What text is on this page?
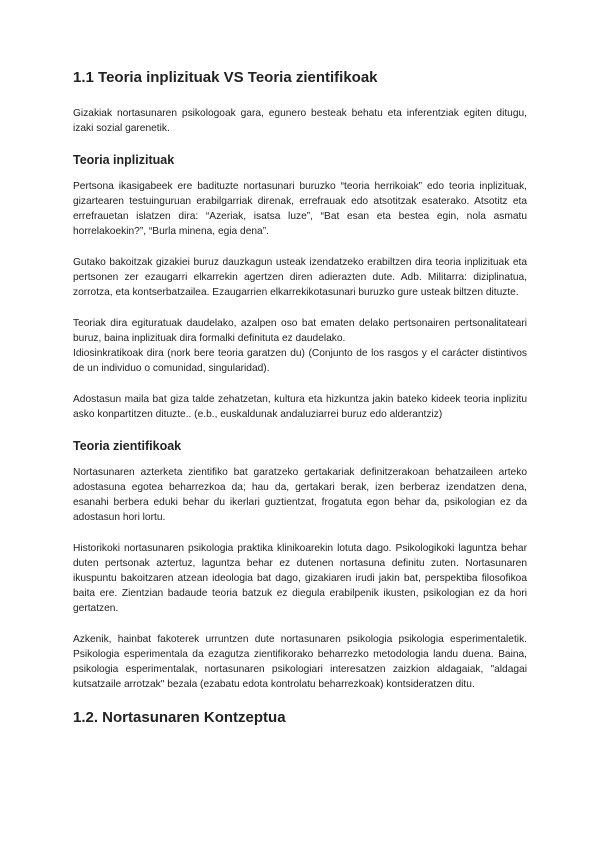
1.1 Teoria inplizituak VS Teoria zientifikoak
Gizakiak nortasunaren psikologoak gara, egunero besteak behatu eta inferentziak egiten ditugu, izaki sozial garenetik.
Teoria inplizituak
Pertsona ikasigabeek ere badituzte nortasunari buruzko “teoria herrikoiak” edo teoria inplizituak, gizartearen testuinguruan erabilgarriak direnak, errefrauak edo atsotitzak esaterako. Atsotitz eta errefrauetan islatzen dira: “Azeriak, isatsa luze”, “Bat esan eta bestea egin, nola asmatu horrelakoekin?”, “Burla minena, egia dena”.
Gutako bakoitzak gizakiei buruz dauzkagun usteak izendatzeko erabiltzen dira teoria inplizituak eta pertsonen zer ezaugarri elkarrekin agertzen diren adierazten dute. Adb. Militarra: diziplinatua, zorrotza, eta kontserbatzailea. Ezaugarrien elkarrekikotasunari buruzko gure usteak biltzen dituzte.
Teoriak dira egituratuak daudelako, azalpen oso bat ematen delako pertsonairen pertsonalitateari buruz, baina inplizituak dira formalki definituta ez daudelako.
Idiosinkratikoak dira (nork bere teoria garatzen du) (Conjunto de los rasgos y el carácter distintivos de un individuo o comunidad, singularidad).
Adostasun maila bat giza talde zehatzetan, kultura eta hizkuntza jakin bateko kideek teoria inplizitu asko konpartitzen dituzte.. (e.b., euskaldunak andaluziarrei buruz edo alderantziz)
Teoria zientifikoak
Nortasunaren azterketa zientifiko bat garatzeko gertakariak definitzerakoan behatzaileen arteko adostasuna egotea beharrezkoa da; hau da, gertakari berak, izen berberaz izendatzen dena, esanahi berbera eduki behar du ikerlari guztientzat, frogatuta egon behar da, psikologian ez da adostasun hori lortu.
Historikoki nortasunaren psikologia praktika klinikoarekin lotuta dago. Psikologikoki laguntza behar duten pertsonak aztertuz, laguntza behar ez dutenen nortasuna definitu zuten. Nortasunaren ikuspuntu bakoitzaren atzean ideologia bat dago, gizakiaren irudi jakin bat, perspektiba filosofikoa baita ere. Zientzian badaude teoria batzuk ez diegula erabilpenik ikusten, psikologian ez da hori gertatzen.
Azkenik, hainbat fakoterek urruntzen dute nortasunaren psikologia psikologia esperimentaletik. Psikologia esperimentala da ezagutza zientifikorako beharrezko metodologia landu duena. Baina, psikologia esperimentalak, nortasunaren psikologiari interesatzen zaizkion aldagaiak, "aldagai kutsatzaile arrotzak" bezala (ezabatu edota kontrolatu beharrezkoak) kontsideratzen ditu.
1.2. Nortasunaren Kontzeptua
